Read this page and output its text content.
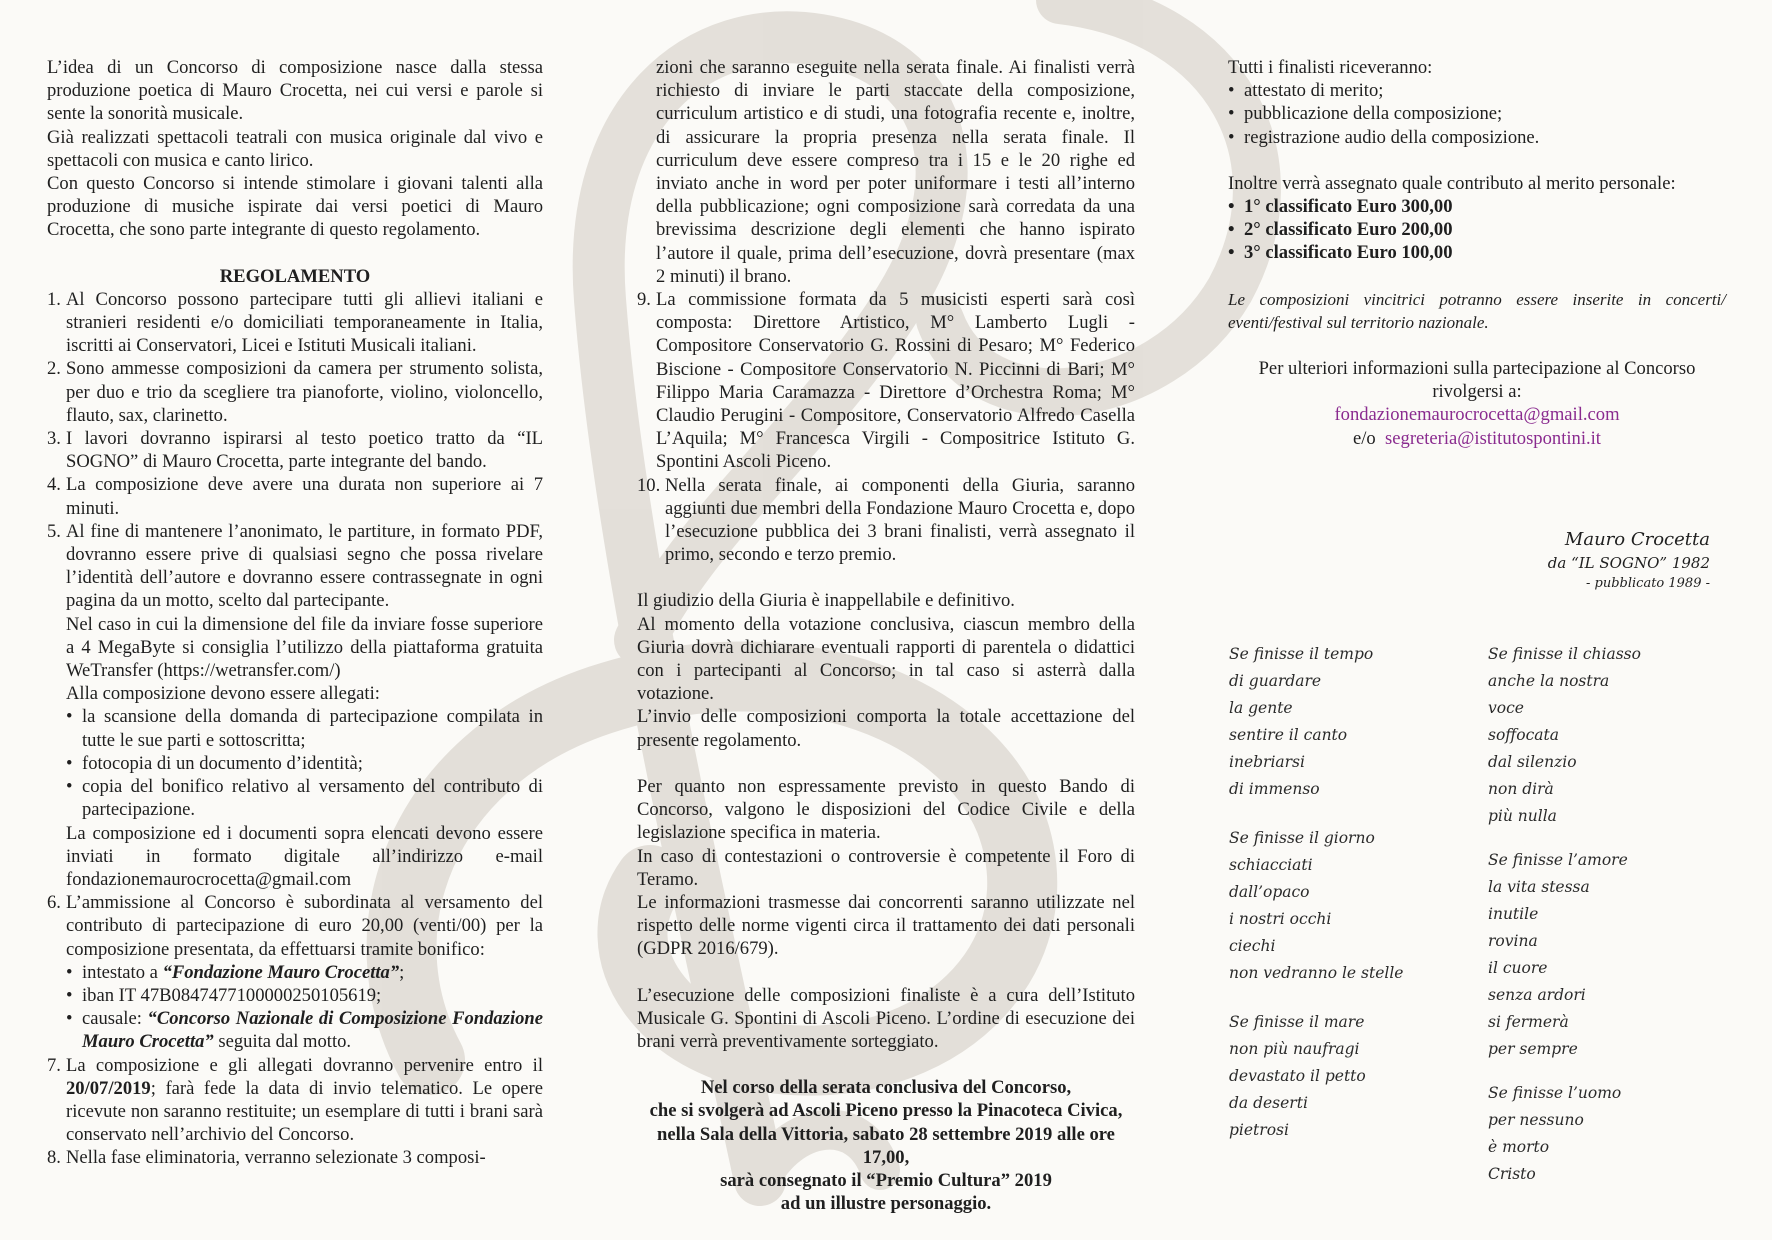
L’idea di un Concorso di composizione nasce dalla stessa produzione poetica di Mauro Crocetta, nei cui versi e parole si sente la sonorità musicale.

Già realizzati spettacoli teatrali con musica originale dal vivo e spettacoli con musica e canto lirico.

Con questo Concorso si intende stimolare i giovani talenti alla produzione di musiche ispirate dai versi poetici di Mauro Crocetta, che sono parte integrante di questo regolamento.

REGOLAMENTO

1. Al Concorso possono partecipare tutti gli allievi italiani e stranieri residenti e/o domiciliati temporaneamente in Italia, iscritti ai Conservatori, Licei e Istituti Musicali italiani.
2. Sono ammesse composizioni da camera per strumento solista, per duo e trio da scegliere tra pianoforte, violino, violoncello, flauto, sax, clarinetto.
3. I lavori dovranno ispirarsi al testo poetico tratto da “IL SOGNO” di Mauro Crocetta, parte integrante del bando.
4. La composizione deve avere una durata non superiore ai 7 minuti.
5. Al fine di mantenere l’anonimato, le partiture, in formato PDF, dovranno essere prive di qualsiasi segno che possa rivelare l’identità dell’autore e dovranno essere contrassegnate in ogni pagina da un motto, scelto dal partecipante.

Nel caso in cui la dimensione del file da inviare fosse superiore a 4 MegaByte si consiglia l’utilizzo della piattaforma gratuita WeTransfer (https://wetransfer.com/)

Alla composizione devono essere allegati:

• la scansione della domanda di partecipazione compilata in tutte le sue parti e sottoscritta;
• fotocopia di un documento d’identità;
• copia del bonifico relativo al versamento del contributo di partecipazione.

La composizione ed i documenti sopra elencati devono essere inviati in formato digitale all’indirizzo e-mail fondazionemaurocrocetta@gmail.com

6. L’ammissione al Concorso è subordinata al versamento del contributo di partecipazione di euro 20,00 (venti/00) per la composizione presentata, da effettuarsi tramite bonifico:

• intestato a “Fondazione Mauro Crocetta”;
• iban IT 47B0847477100000250105619;
• causale: “Concorso Nazionale di Composizione Fondazione Mauro Crocetta” seguita dal motto.
7. La composizione e gli allegati dovranno pervenire entro il 20/07/2019; farà fede la data di invio telematico. Le opere ricevute non saranno restituite; un esemplare di tutti i brani sarà conservato nell’archivio del Concorso.
8. Nella fase eliminatoria, verranno selezionate 3 composi-
zioni che saranno eseguite nella serata finale. Ai finalisti verrà richiesto di inviare le parti staccate della composizione, curriculum artistico e di studi, una fotografia recente e, inoltre, di assicurare la propria presenza nella serata finale. Il curriculum deve essere compreso tra i 15 e le 20 righe ed inviato anche in word per poter uniformare i testi all’interno della pubblicazione; ogni composizione sarà corredata da una brevissima descrizione degli elementi che hanno ispirato l’autore il quale, prima dell’esecuzione, dovrà presentare (max 2 minuti) il brano.
9. La commissione formata da 5 musicisti esperti sarà così composta: Direttore Artistico, M° Lamberto Lugli - Compositore Conservatorio G. Rossini di Pesaro; M° Federico Biscione - Compositore Conservatorio N. Piccinni di Bari; M° Filippo Maria Caramazza - Direttore d’Orchestra Roma; M° Claudio Perugini - Compositore, Conservatorio Alfredo Casella L’Aquila; M° Francesca Virgili - Compositrice Istituto G. Spontini Ascoli Piceno.
10. Nella serata finale, ai componenti della Giuria, saranno aggiunti due membri della Fondazione Mauro Crocetta e, dopo l’esecuzione pubblica dei 3 brani finalisti, verrà assegnato il primo, secondo e terzo premio.

Il giudizio della Giuria è inappellabile e definitivo.

Al momento della votazione conclusiva, ciascun membro della Giuria dovrà dichiarare eventuali rapporti di parentela o didattici con i partecipanti al Concorso; in tal caso si asterrà dalla votazione.

L’invio delle composizioni comporta la totale accettazione del presente regolamento.

Per quanto non espressamente previsto in questo Bando di Concorso, valgono le disposizioni del Codice Civile e della legislazione specifica in materia.

In caso di contestazioni o controversie è competente il Foro di Teramo.

Le informazioni trasmesse dai concorrenti saranno utilizzate nel rispetto delle norme vigenti circa il trattamento dei dati personali (GDPR 2016/679).

L’esecuzione delle composizioni finaliste è a cura dell’Istituto Musicale G. Spontini di Ascoli Piceno. L’ordine di esecuzione dei brani verrà preventivamente sorteggiato.

Nel corso della serata conclusiva del Concorso,

che si svolgerà ad Ascoli Piceno presso la Pinacoteca Civica,

nella Sala della Vittoria, sabato 28 settembre 2019 alle ore 17,00,

sarà consegnato il “Premio Cultura” 2019

ad un illustre personaggio.

Tutti i finalisti riceveranno:

• attestato di merito;
• pubblicazione della composizione;
• registrazione audio della composizione.

Inoltre verrà assegnato quale contributo al merito personale:

• 1° classificato Euro 300,00
• 2° classificato Euro 200,00
• 3° classificato Euro 100,00

Le composizioni vincitrici potranno essere inserite in concerti/ eventi/festival sul territorio nazionale.

Per ulteriori informazioni sulla partecipazione al Concorso

rivolgersi a:

fondazionemaurocrocetta@gmail.com

e/o segreteria@istitutospontini.it

Mauro Crocetta

da “IL SOGNO” 1982

- pubblicato 1989 -

Se finisse il tempo

di guardare

la gente

sentire il canto

inebriarsi

di immenso

Se finisse il giorno

schiacciati

dall’opaco

i nostri occhi

ciechi

non vedranno le stelle

Se finisse il mare

non più naufragi

devastato il petto

da deserti

pietrosi

Se finisse il chiasso

anche la nostra

voce

soffocata

dal silenzio

non dirà

più nulla

Se finisse l’amore

la vita stessa

inutile

rovina

il cuore

senza ardori

si fermerà

per sempre

Se finisse l’uomo

per nessuno

è morto

Cristo
